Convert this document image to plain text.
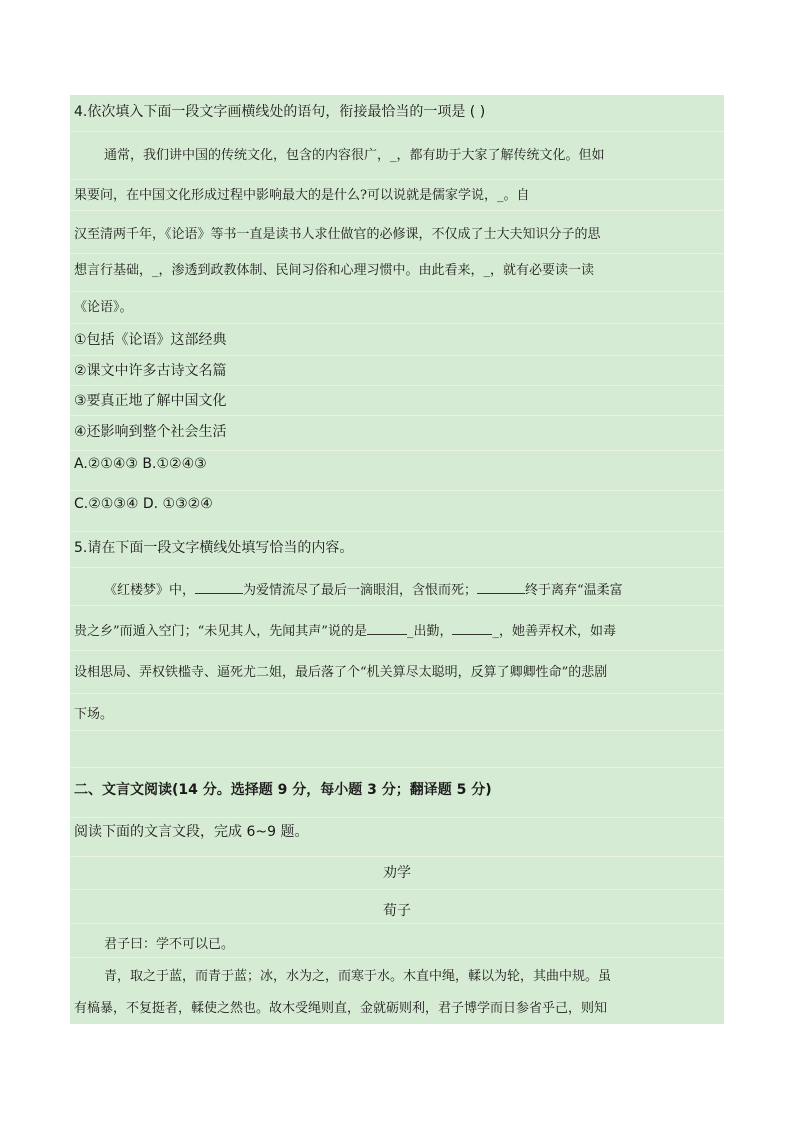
4.依次填入下面一段文字画横线处的语句，衔接最恰当的一项是 ( )
通常，我们讲中国的传统文化，包含的内容很广，_，都有助于大家了解传统文化。但如
果要问，在中国文化形成过程中影响最大的是什么?可以说就是儒家学说，_。自
汉至清两千年，《论语》等书一直是读书人求仕做官的必修课，不仅成了士大夫知识分子的思
想言行基础，_，渗透到政教体制、民间习俗和心理习惯中。由此看来，_，就有必要读一读
《论语》。
①包括《论语》这部经典
②课文中许多古诗文名篇
③要真正地了解中国文化
④还影响到整个社会生活
A.②①④③ B.①②④③
C.②①③④ D. ①③②④
5.请在下面一段文字横线处填写恰当的内容。
《红楼梦》中，	为爱情流尽了最后一滴眼泪，含恨而死；	终于离弃“温柔富
贵之乡”而遁入空门；“未见其人，先闻其声”说的是	_出勤，	_，她善弄权术，如毒
设相思局、弄权铁槛寺、逼死尤二姐，最后落了个“机关算尽太聪明，反算了卿卿性命”的悲剧
下场。
二、文言文阅读(14 分。选择题 9 分，每小题 3 分；翻译题 5 分)
阅读下面的文言文段，完成 6~9 题。
劝学
荀子
君子曰：学不可以已。
青，取之于蓝，而青于蓝；冰，水为之，而寒于水。木直中绳，輮以为轮，其曲中规。虽
有槁暴，不复挺者，輮使之然也。故木受绳则直，金就砺则利，君子博学而日参省乎己，则知
